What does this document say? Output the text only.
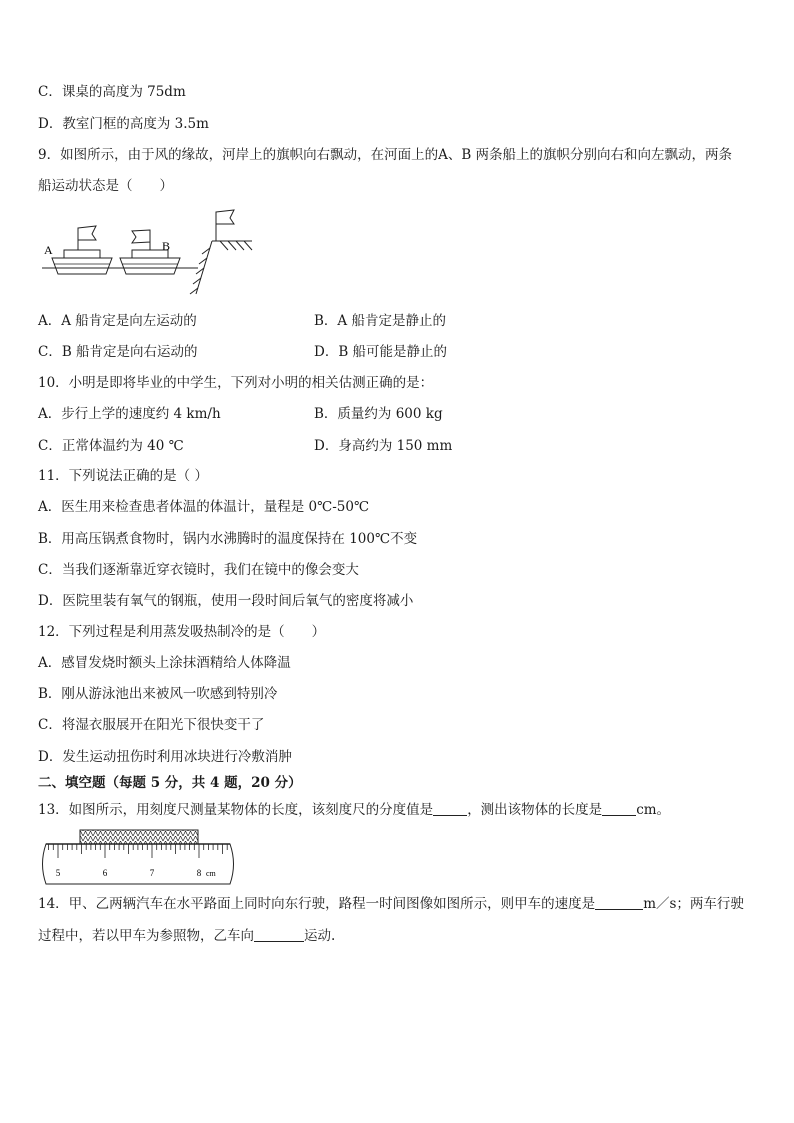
C．课桌的高度为 75dm
D．教室门框的高度为 3.5m
9．如图所示，由于风的缘故，河岸上的旗帜向右飘动，在河面上的A、B 两条船上的旗帜分别向右和向左飘动，两条
船运动状态是（　　）
A	B
A．A 船肯定是向左运动的	B．A 船肯定是静止的
C．B 船肯定是向右运动的	D．B 船可能是静止的
10．小明是即将毕业的中学生，下列对小明的相关估测正确的是：
A．步行上学的速度约 4 km/h	B．质量约为 600 kg
C．正常体温约为 40 ℃	D．身高约为 150 mm
11．下列说法正确的是（ ）
A．医生用来检查患者体温的体温计，量程是 0℃-50℃
B．用高压锅煮食物时，锅内水沸腾时的温度保持在 100℃不变
C．当我们逐渐靠近穿衣镜时，我们在镜中的像会变大
D．医院里装有氧气的钢瓶，使用一段时间后氧气的密度将减小
12．下列过程是利用蒸发吸热制冷的是（　　）
A．感冒发烧时额头上涂抹酒精给人体降温
B．刚从游泳池出来被风一吹感到特别冷
C．将湿衣服展开在阳光下很快变干了
D．发生运动扭伤时利用冰块进行冷敷消肿
二、填空题（每题 5 分，共 4 题，20 分）
13．如图所示，用刻度尺测量某物体的长度，该刻度尺的分度值是	，测出该物体的长度是	cm。
5	6	7	8 cm
14．甲、乙两辆汽车在水平路面上同时向东行驶，路程一时间图像如图所示，则甲车的速度是	m／s；两车行驶
过程中，若以甲车为参照物，乙车向	运动.
